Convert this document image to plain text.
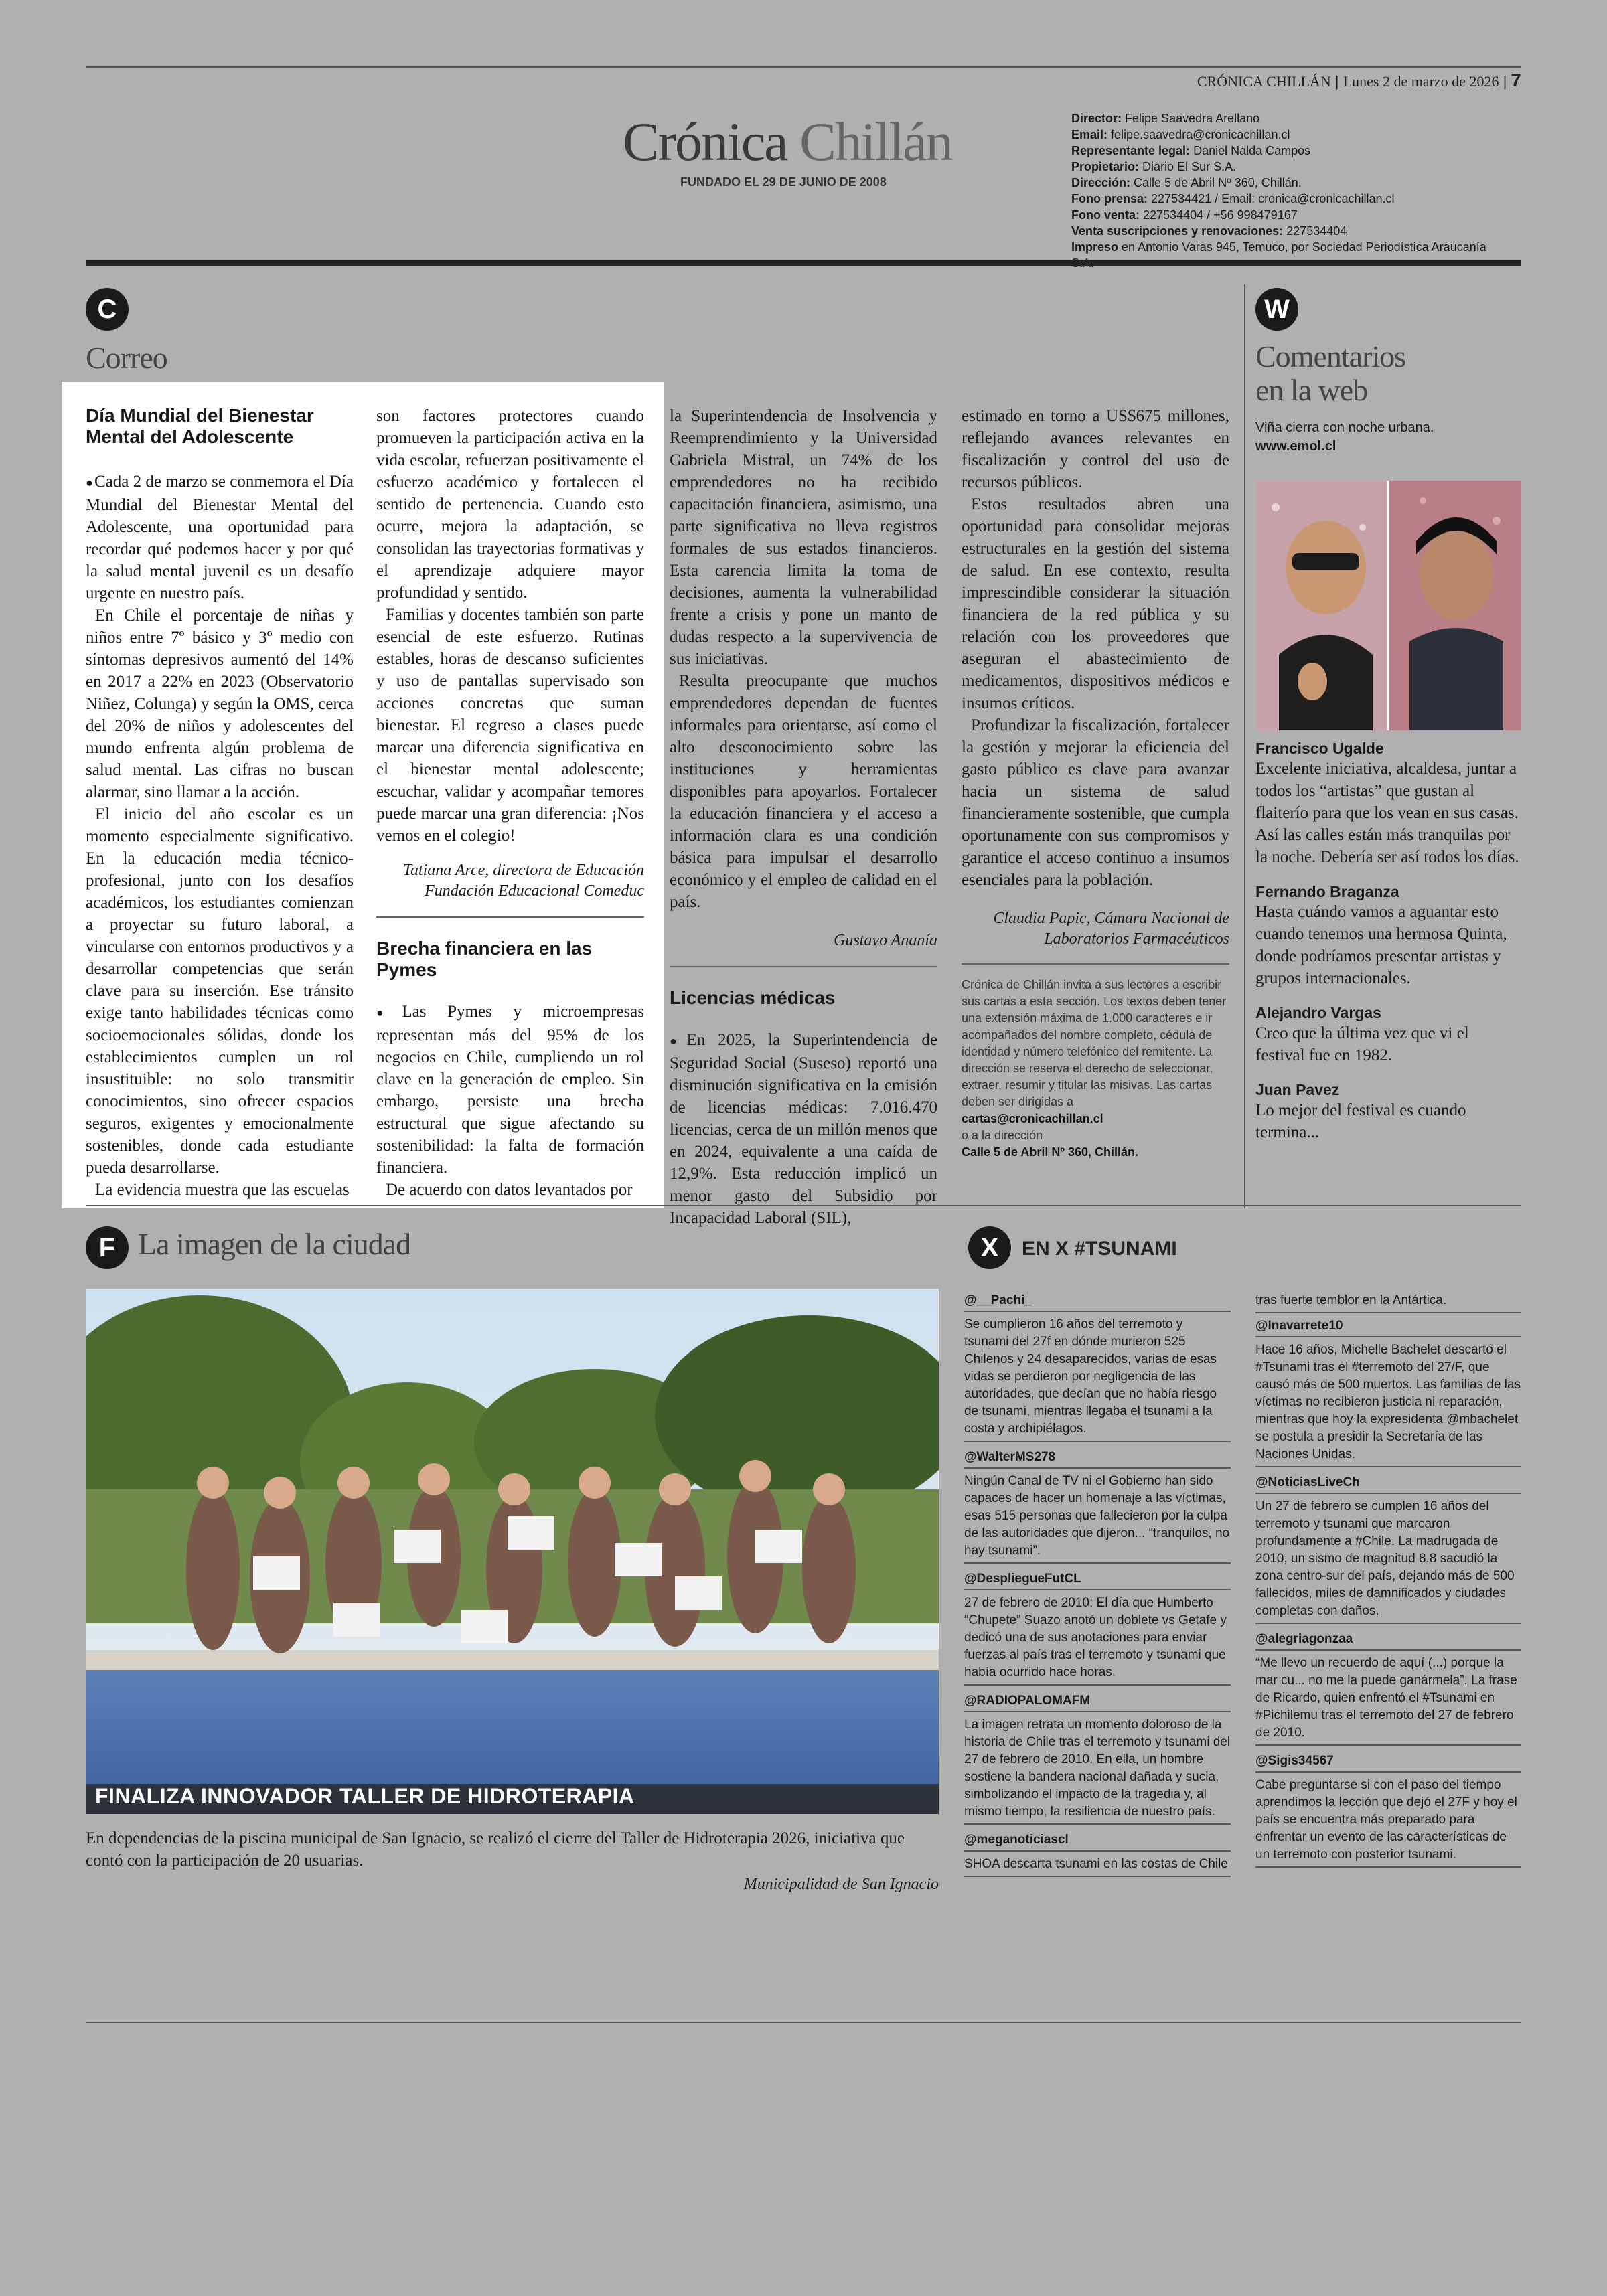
CRÓNICA CHILLÁN | Lunes 2 de marzo de 2026 | 7
Crónica Chillán
FUNDADO EL 29 DE JUNIO DE 2008
Director: Felipe Saavedra Arellano
Email: felipe.saavedra@cronicachillan.cl
Representante legal: Daniel Nalda Campos
Propietario: Diario El Sur S.A.
Dirección: Calle 5 de Abril Nº 360, Chillán.
Fono prensa: 227534421 / Email: cronica@cronicachillan.cl
Fono venta: 227534404 / +56 998479167
Venta suscripciones y renovaciones: 227534404
Impreso en Antonio Varas 945, Temuco, por Sociedad Periodística Araucanía
C
Correo
Día Mundial del Bienestar Mental del Adolescente

● Cada 2 de marzo se conmemora el Día Mundial del Bienestar Mental del Adolescente, una oportunidad para recordar qué podemos hacer y por qué la salud mental juvenil es un desafío urgente en nuestro país.

En Chile el porcentaje de niñas y niños entre 7º básico y 3º medio con síntomas depresivos aumentó del 14% en 2017 a 22% en 2023 (Observatorio Niñez, Colunga) y según la OMS, cerca del 20% de niños y adolescentes del mundo enfrenta algún problema de salud mental. Las cifras no buscan alarmar, sino llamar a la acción.

El inicio del año escolar es un momento especialmente significativo. En la educación media técnico-profesional, junto con los desafíos académicos, los estudiantes comienzan a proyectar su futuro laboral, a vincularse con entornos productivos y a desarrollar competencias que serán clave para su inserción. Ese tránsito exige tanto habilidades técnicas como socioemocionales sólidas, donde los establecimientos cumplen un rol insustituible: no solo transmitir conocimientos, sino ofrecer espacios seguros, exigentes y emocionalmente sostenibles, donde cada estudiante pueda desarrollarse.

La evidencia muestra que las escuelas

son factores protectores cuando promueven la participación activa en la vida escolar, refuerzan positivamente el esfuerzo académico y fortalecen el sentido de pertenencia. Cuando esto ocurre, mejora la adaptación, se consolidan las trayectorias formativas y el aprendizaje adquiere mayor profundidad y sentido.

Familias y docentes también son parte esencial de este esfuerzo. Rutinas estables, horas de descanso suficientes y uso de pantallas supervisado son acciones concretas que suman bienestar. El regreso a clases puede marcar una diferencia significativa en el bienestar mental adolescente; escuchar, validar y acompañar temores puede marcar una gran diferencia: ¡Nos vemos en el colegio!

Tatiana Arce, directora de Educación Fundación Educacional Comeduc
Brecha financiera en las Pymes

● Las Pymes y microempresas representan más del 95% de los negocios en Chile, cumpliendo un rol clave en la generación de empleo. Sin embargo, persiste una brecha estructural que sigue afectando su sostenibilidad: la falta de formación financiera.

De acuerdo con datos levantados por

la Superintendencia de Insolvencia y Reemprendimiento y la Universidad Gabriela Mistral, un 74% de los emprendedores no ha recibido capacitación financiera, asimismo, una parte significativa no lleva registros formales de sus estados financieros. Esta carencia limita la toma de decisiones, aumenta la vulnerabilidad frente a crisis y pone un manto de dudas respecto a la supervivencia de sus iniciativas.

Resulta preocupante que muchos emprendedores dependan de fuentes informales para orientarse, así como el alto desconocimiento sobre las instituciones y herramientas disponibles para apoyarlos. Fortalecer la educación financiera y el acceso a información clara es una condición básica para impulsar el desarrollo económico y el empleo de calidad en el país.

Gustavo Ananía
Licencias médicas

● En 2025, la Superintendencia de Seguridad Social (Suseso) reportó una disminución significativa en la emisión de licencias médicas: 7.016.470 licencias, cerca de un millón menos que en 2024, equivalente a una caída de 12,9%. Esta reducción implicó un menor gasto del Subsidio por Incapacidad Laboral (SIL),

estimado en torno a US$675 millones, reflejando avances relevantes en fiscalización y control del uso de recursos públicos.

Estos resultados abren una oportunidad para consolidar mejoras estructurales en la gestión del sistema de salud. En ese contexto, resulta imprescindible considerar la situación financiera de la red pública y su relación con los proveedores que aseguran el abastecimiento de medicamentos, dispositivos médicos e insumos críticos.

Profundizar la fiscalización, fortalecer la gestión y mejorar la eficiencia del gasto público es clave para avanzar hacia un sistema de salud financieramente sostenible, que cumpla oportunamente con sus compromisos y garantice el acceso continuo a insumos esenciales para la población.

Claudia Papic, Cámara Nacional de Laboratorios Farmacéuticos
Crónica de Chillán invita a sus lectores a escribir sus cartas a esta sección. Los textos deben tener una extensión máxima de 1.000 caracteres e ir acompañados del nombre completo, cédula de identidad y número telefónico del remitente. La dirección se reserva el derecho de seleccionar, extraer, resumir y titular las misivas. Las cartas deben ser dirigidas a
cartas@cronicachillan.cl
o a la dirección
Calle 5 de Abril Nº 360, Chillán.
W
Comentarios
en la web
Viña cierra con noche urbana.
www.emol.cl
Francisco Ugalde
Excelente iniciativa, alcaldesa, juntar a todos los “artistas” que gustan al flaiterío para que los vean en sus casas. Así las calles están más tranquilas por la noche. Debería ser así todos los días.
Fernando Braganza
Hasta cuándo vamos a aguantar esto cuando tenemos una hermosa Quinta, donde podríamos presentar artistas y grupos internacionales.
Alejandro Vargas
Creo que la última vez que vi el festival fue en 1982.
Juan Pavez
Lo mejor del festival es cuando termina...
F La imagen de la ciudad
FINALIZA INNOVADOR TALLER DE HIDROTERAPIA
En dependencias de la piscina municipal de San Ignacio, se realizó el cierre del Taller de Hidroterapia 2026, iniciativa que contó con la participación de 20 usuarias.
Municipalidad de San Ignacio
X	EN X #TSUNAMI
@__Pachi_
Se cumplieron 16 años del terremoto y tsunami del 27f en dónde murieron 525 Chilenos y 24 desaparecidos, varias de esas vidas se perdieron por negligencia de las autoridades, que decían que no había riesgo de tsunami, mientras llegaba el tsunami a la costa y archipiélagos.
@WalterMS278
Ningún Canal de TV ni el Gobierno han sido capaces de hacer un homenaje a las víctimas, esas 515 personas que fallecieron por la culpa de las autoridades que dijeron... “tranquilos, no hay tsunami”.
@DespliegueFutCL
27 de febrero de 2010: El día que Humberto “Chupete” Suazo anotó un doblete vs Getafe y dedicó una de sus anotaciones para enviar fuerzas al país tras el terremoto y tsunami que había ocurrido hace horas.
@RADIOPALOMAFM
La imagen retrata un momento doloroso de la historia de Chile tras el terremoto y tsunami del 27 de febrero de 2010. En ella, un hombre sostiene la bandera nacional dañada y sucia, simbolizando el impacto de la tragedia y, al mismo tiempo, la resiliencia de nuestro país.
@meganoticiascl
SHOA descarta tsunami en las costas de Chile
tras fuerte temblor en la Antártica.
@Inavarrete10
Hace 16 años, Michelle Bachelet descartó el #Tsunami tras el #terremoto del 27/F, que causó más de 500 muertos. Las familias de las víctimas no recibieron justicia ni reparación, mientras que hoy la expresidenta @mbachelet se postula a presidir la Secretaría de las Naciones Unidas.
@NoticiasLiveCh
Un 27 de febrero se cumplen 16 años del terremoto y tsunami que marcaron profundamente a #Chile. La madrugada de 2010, un sismo de magnitud 8,8 sacudió la zona centro-sur del país, dejando más de 500 fallecidos, miles de damnificados y ciudades completas con daños.
@alegriagonzaa
“Me llevo un recuerdo de aquí (...) porque la mar cu... no me la puede ganármela”. La frase de Ricardo, quien enfrentó el #Tsunami en #Pichilemu tras el terremoto del 27 de febrero de 2010.
@Sigis34567
Cabe preguntarse si con el paso del tiempo aprendimos la lección que dejó el 27F y hoy el país se encuentra más preparado para enfrentar un evento de las características de un terremoto con posterior tsunami.
